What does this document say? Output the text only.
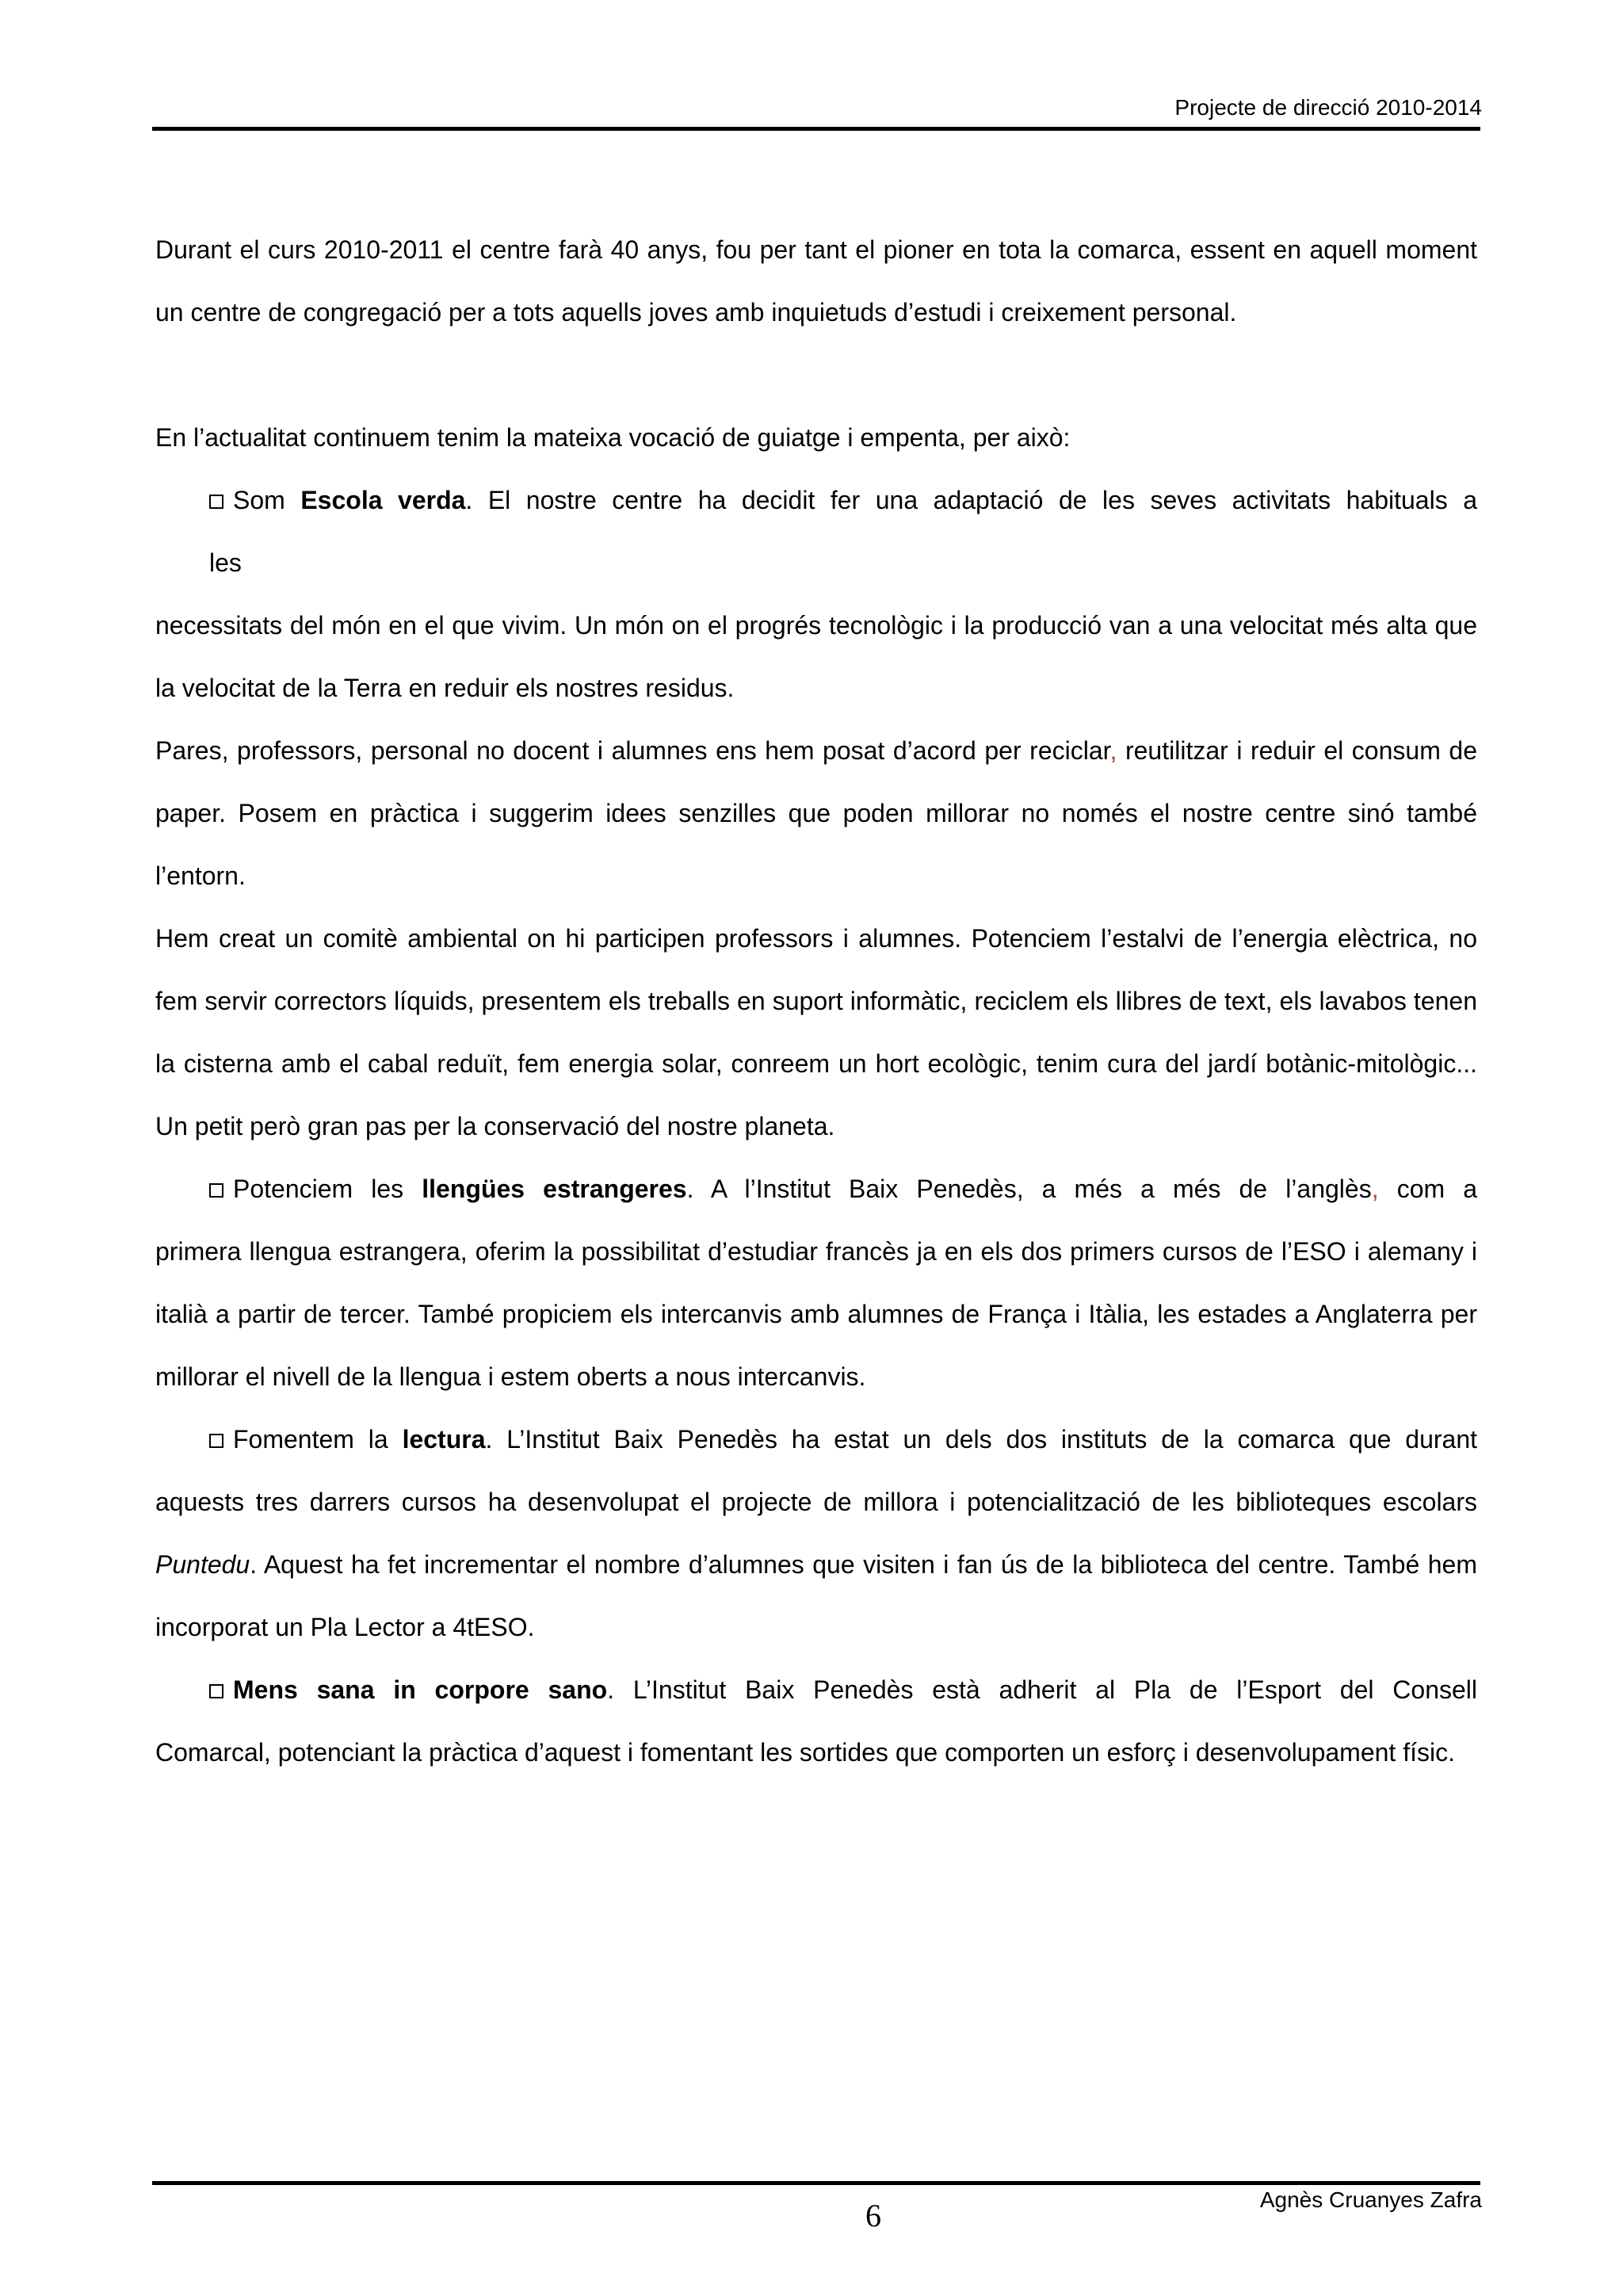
Projecte de direcció 2010-2014

Durant el curs 2010-2011 el centre farà 40 anys, fou per tant el pioner en tota la comarca, essent en aquell moment un centre de congregació per a tots aquells joves amb inquietuds d’estudi i creixement personal.

En l’actualitat continuem tenim la mateixa vocació de guiatge i empenta, per això:

Som Escola verda. El nostre centre ha decidit fer una adaptació de les seves activitats habituals a

les

necessitats del món en el que vivim. Un món on el progrés tecnològic i la producció van a una velocitat més alta que la velocitat de la Terra en reduir els nostres residus.

Pares, professors, personal no docent i alumnes ens hem posat d’acord per reciclar, reutilitzar i reduir el consum de paper. Posem en pràctica i suggerim idees senzilles que poden millorar no només el nostre centre sinó també l’entorn.

Hem creat un comitè ambiental on hi participen professors i alumnes. Potenciem l’estalvi de l’energia elèctrica, no fem servir correctors líquids, presentem els treballs en suport informàtic, reciclem els llibres de text, els lavabos tenen la cisterna amb el cabal reduït, fem energia solar, conreem un hort ecològic, tenim cura del jardí botànic-mitològic... Un petit però gran pas per la conservació del nostre planeta.

Potenciem les llengües estrangeres. A l’Institut Baix Penedès, a més a més de l’anglès, com a

primera llengua estrangera, oferim la possibilitat d’estudiar francès ja en els dos primers cursos de l’ESO i alemany i italià a partir de tercer. També propiciem els intercanvis amb alumnes de França i Itàlia, les estades a Anglaterra per millorar el nivell de la llengua i estem oberts a nous intercanvis.

Fomentem la lectura. L’Institut Baix Penedès ha estat un dels dos instituts de la comarca que durant

aquests tres darrers cursos ha desenvolupat el projecte de millora i potencialització de les biblioteques escolars Puntedu. Aquest ha fet incrementar el nombre d’alumnes que visiten i fan ús de la biblioteca del centre. També hem incorporat un Pla Lector a 4tESO.

Mens sana in corpore sano. L’Institut Baix Penedès està adherit al Pla de l’Esport del Consell

Comarcal, potenciant la pràctica d’aquest i fomentant les sortides que comporten un esforç i desenvolupament físic.

Agnès Cruanyes Zafra
6
